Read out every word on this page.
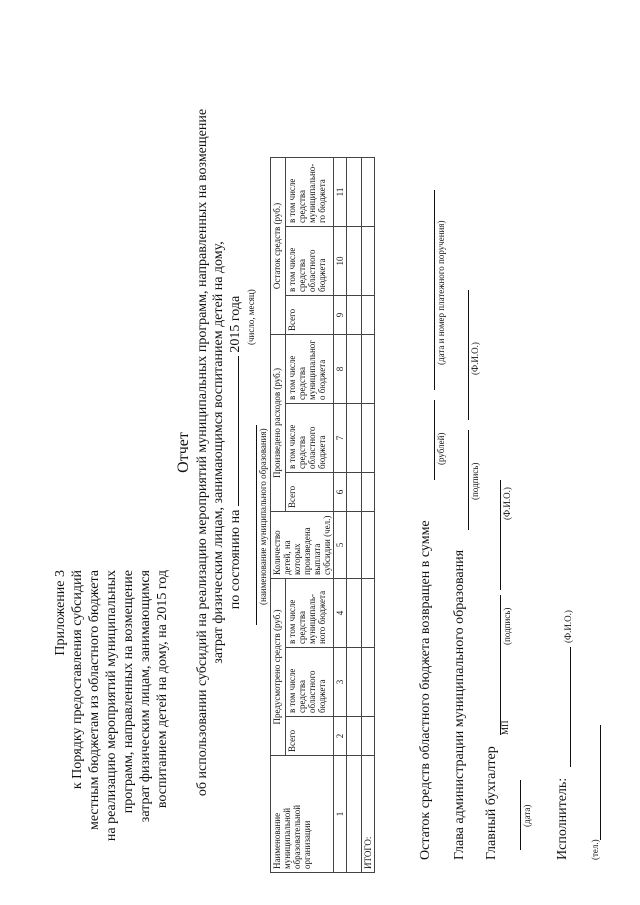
Приложение 3 к Порядку предоставления субсидий местным бюджетам из областного бюджета на реализацию мероприятий муниципальных программ, направленных на возмещение затрат физическим лицам, занимающимся воспитанием детей на дому, на 2015 год
Отчет об использовании субсидий на реализацию мероприятий муниципальных программ, направленных на возмещение затрат физическим лицам, занимающимся воспитанием детей на дому, по состоянию на  2015 года (число, месяц)
(наименование муниципального образования)
Наименование муниципальной образовательной организации	Предусмотрено средств (руб.)			Количество детей, на которых произведена выплата субсидии (чел.)	Произведено расходов (руб.)			Остаток средств (руб.)		
	Всего	в том числе средства областного бюджета	в том числе средства муниципаль-ного бюджета		Всего	в том числе средства областного бюджета	в том числе средства муниципальног о бюджета	Всего	в том числе средства областного бюджета	в том числе средства муниципально-го бюджета
1	2	3	4	5	6	7	8	9	10	11

ИТОГО:											Остаток средств областного бюджета возвращен в сумме
(рублей)
(дата и номер платежного поручения)
Глава администрации муниципального образования
(подпись)
(Ф.И.О.)
Главный бухгалтер
МП
(подпись)
(Ф.И.О.)
(дата) Исполнитель:
(Ф.И.О.)
(тел.)
